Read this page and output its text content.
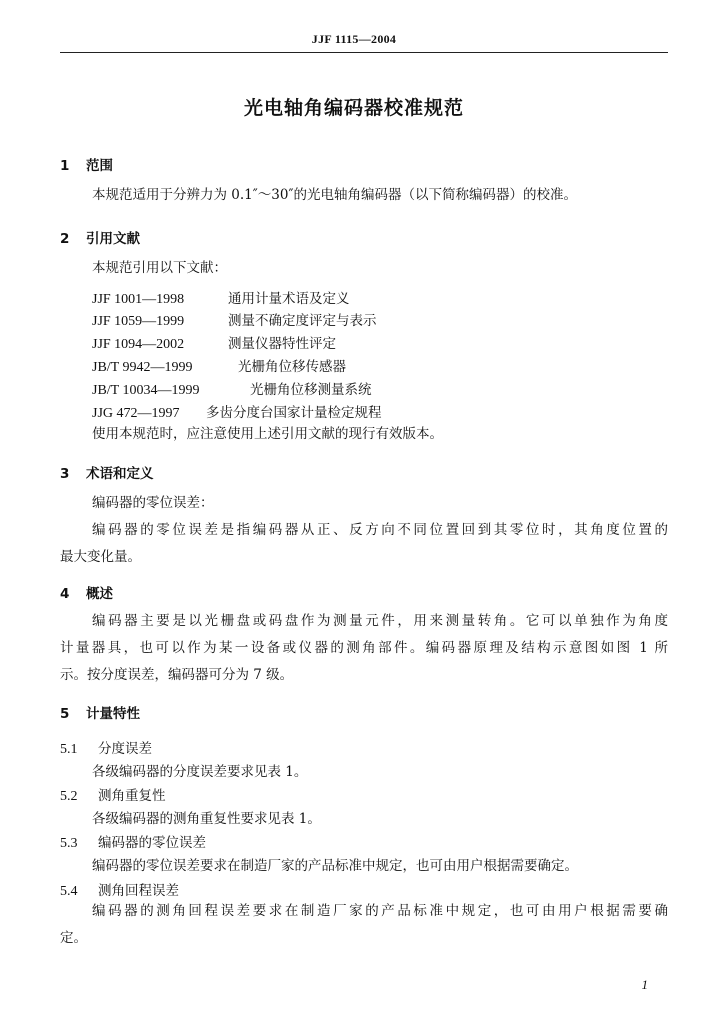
JJF 1115—2004
光电轴角编码器校准规范
1 范围
本规范适用于分辨力为 0.1″～30″的光电轴角编码器（以下简称编码器）的校准。
2 引用文献
本规范引用以下文献：
JJF 1001—1998	通用计量术语及定义
JJF 1059—1999	测量不确定度评定与表示
JJF 1094—2002	测量仪器特性评定
JB/T 9942—1999	光栅角位移传感器
JB/T 10034—1999	光栅角位移测量系统
JJG 472—1997 多齿分度台国家计量检定规程
使用本规范时，应注意使用上述引用文献的现行有效版本。
3 术语和定义
编码器的零位误差：
编码器的零位误差是指编码器从正、反方向不同位置回到其零位时，其角度位置的
最大变化量。
4 概述
编码器主要是以光栅盘或码盘作为测量元件，用来测量转角。它可以单独作为角度
计量器具，也可以作为某一设备或仪器的测角部件。编码器原理及结构示意图如图 1 所
示。按分度误差，编码器可分为 7 级。
5 计量特性
5.1 分度误差
各级编码器的分度误差要求见表 1。
5.2 测角重复性
各级编码器的测角重复性要求见表 1。
5.3 编码器的零位误差
编码器的零位误差要求在制造厂家的产品标准中规定，也可由用户根据需要确定。
5.4 测角回程误差
编码器的测角回程误差要求在制造厂家的产品标准中规定，也可由用户根据需要确
定。
1
